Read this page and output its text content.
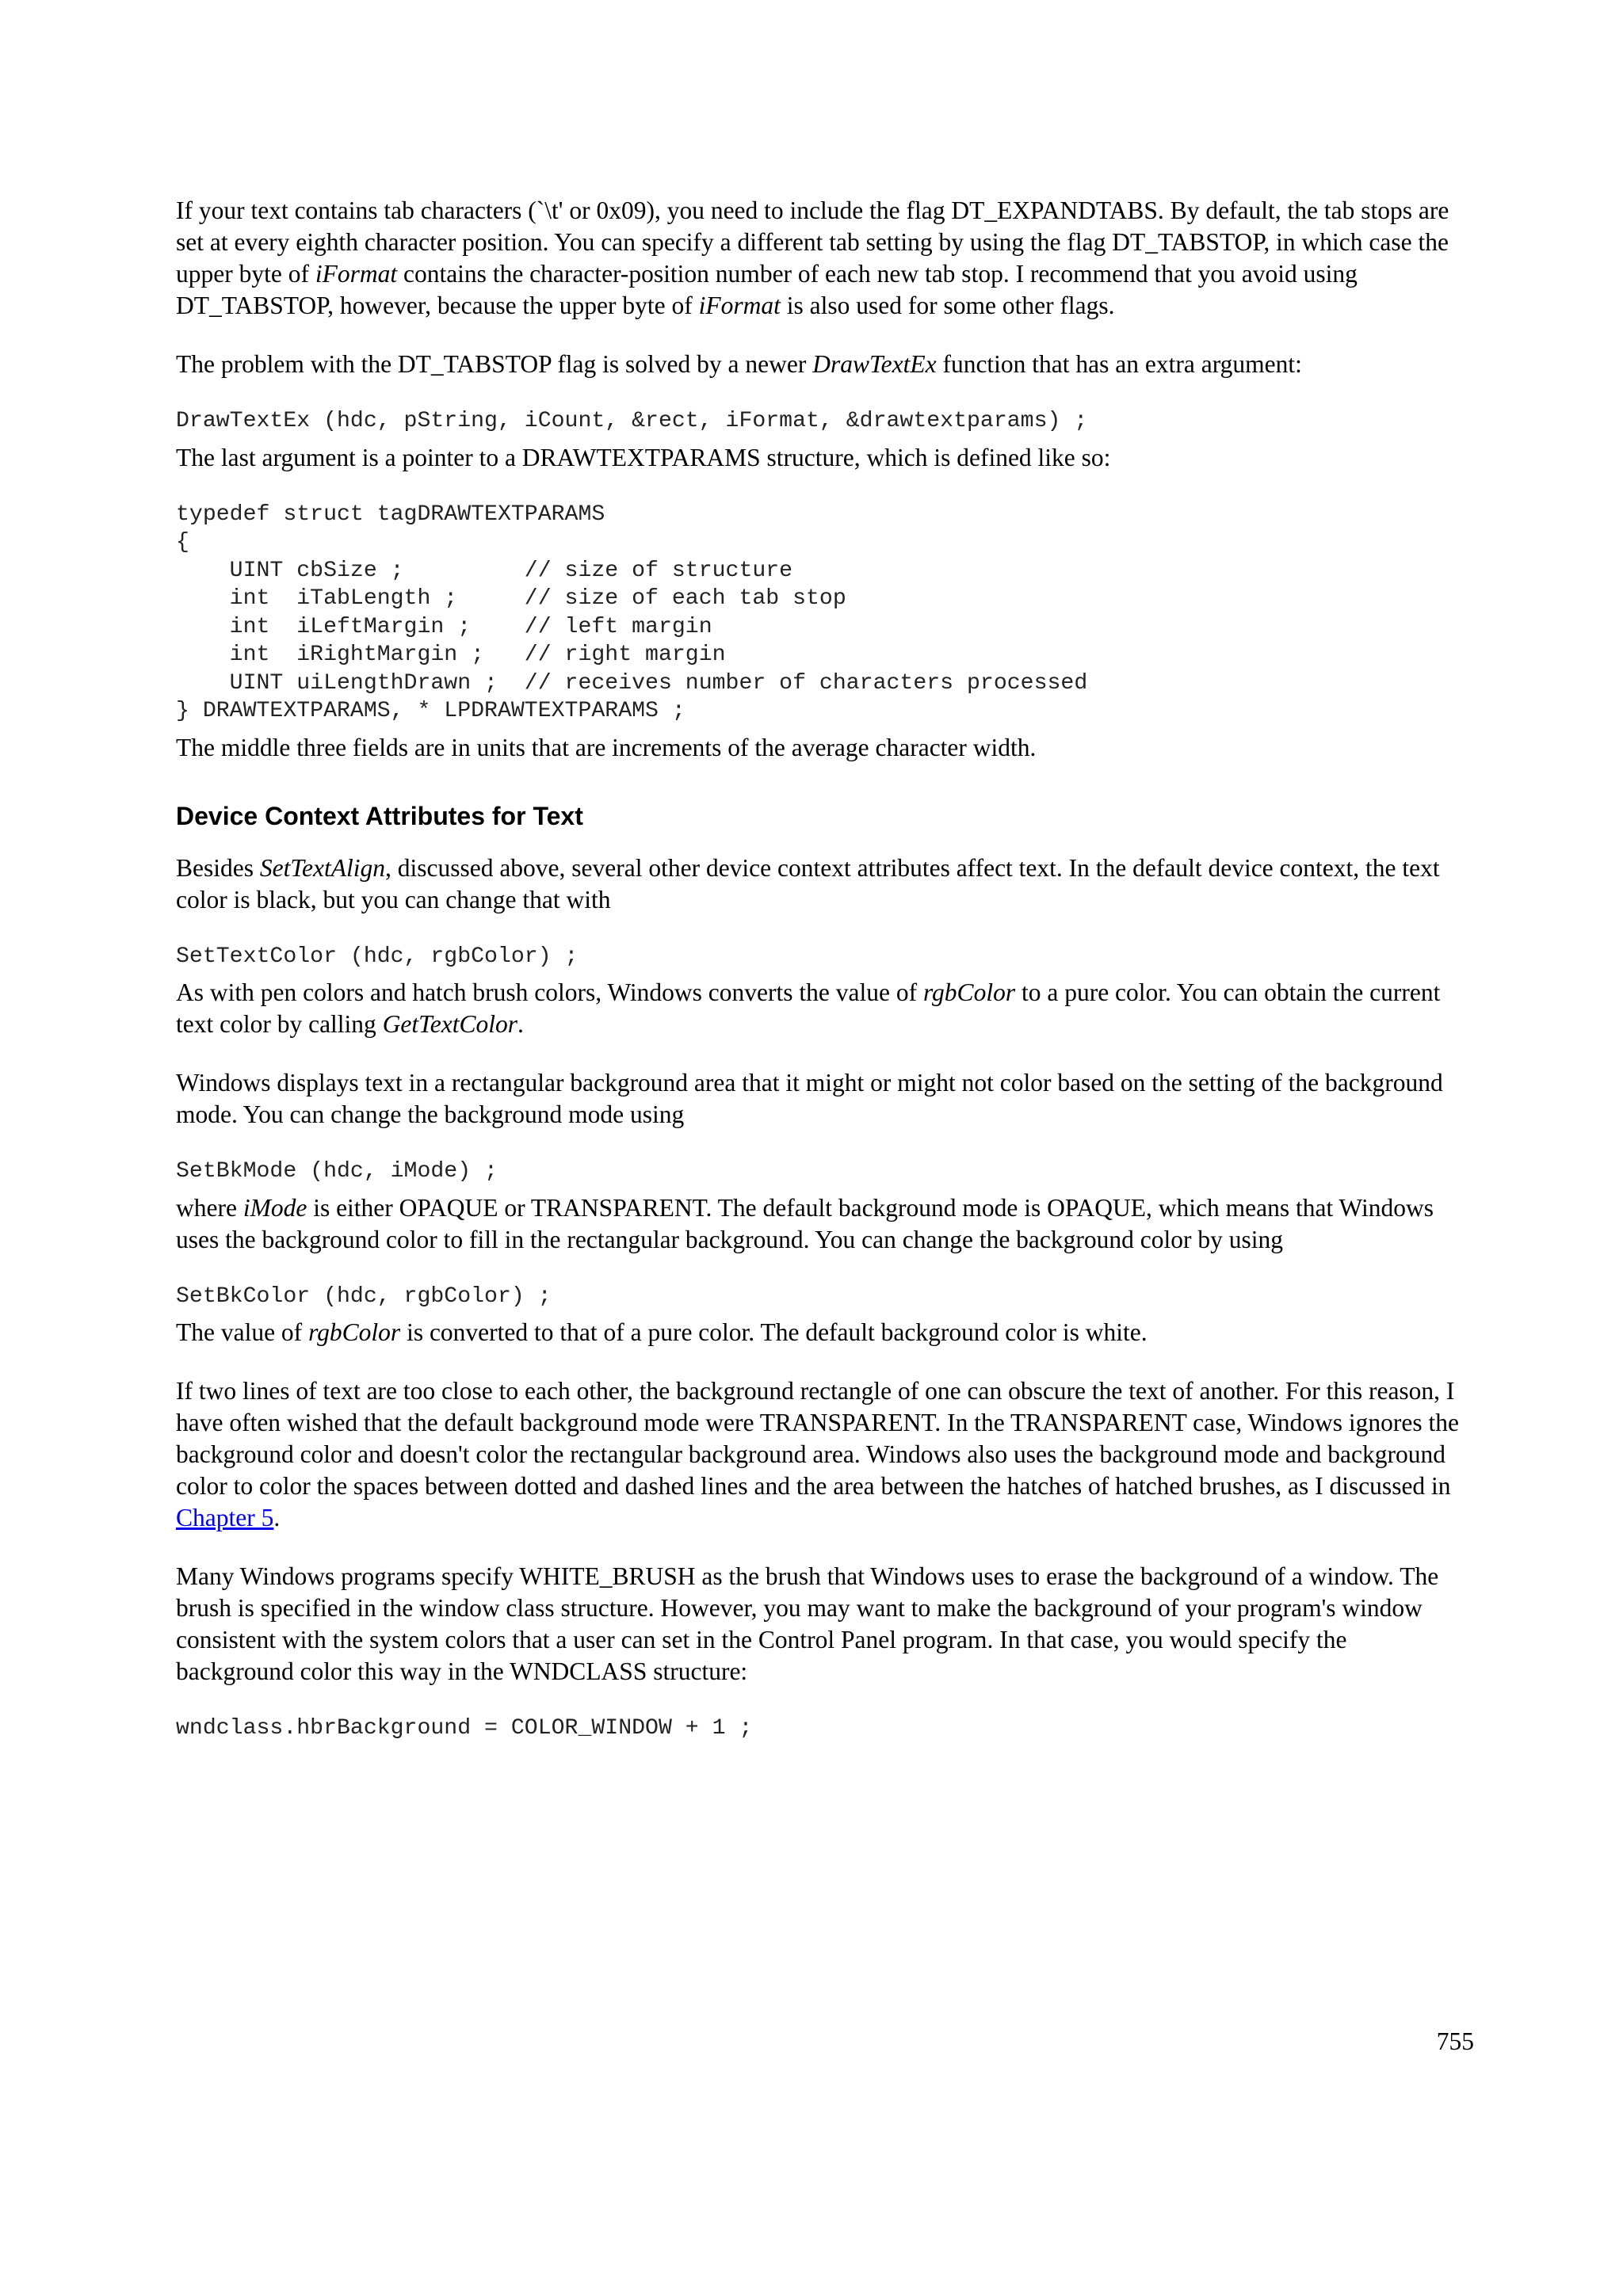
If your text contains tab characters (`\t' or 0x09), you need to include the flag DT_EXPANDTABS. By default, the tab stops are set at every eighth character position. You can specify a different tab setting by using the flag DT_TABSTOP, in which case the upper byte of iFormat contains the character-position number of each new tab stop. I recommend that you avoid using DT_TABSTOP, however, because the upper byte of iFormat is also used for some other flags.

The problem with the DT_TABSTOP flag is solved by a newer DrawTextEx function that has an extra argument:

DrawTextEx (hdc, pString, iCount, &rect, iFormat, &drawtextparams) ;

The last argument is a pointer to a DRAWTEXTPARAMS structure, which is defined like so:

typedef struct tagDRAWTEXTPARAMS
{
UINT cbSize ;         // size of structure
int  iTabLength ;     // size of each tab stop
int  iLeftMargin ;    // left margin
int  iRightMargin ;   // right margin
UINT uiLengthDrawn ;  // receives number of characters processed
} DRAWTEXTPARAMS, * LPDRAWTEXTPARAMS ;

The middle three fields are in units that are increments of the average character width.

Device Context Attributes for Text

Besides SetTextAlign, discussed above, several other device context attributes affect text. In the default device context, the text color is black, but you can change that with

SetTextColor (hdc, rgbColor) ;

As with pen colors and hatch brush colors, Windows converts the value of rgbColor to a pure color. You can obtain the current text color by calling GetTextColor.

Windows displays text in a rectangular background area that it might or might not color based on the setting of the background mode. You can change the background mode using

SetBkMode (hdc, iMode) ;

where iMode is either OPAQUE or TRANSPARENT. The default background mode is OPAQUE, which means that Windows uses the background color to fill in the rectangular background. You can change the background color by using

SetBkColor (hdc, rgbColor) ;

The value of rgbColor is converted to that of a pure color. The default background color is white.

If two lines of text are too close to each other, the background rectangle of one can obscure the text of another. For this reason, I have often wished that the default background mode were TRANSPARENT. In the TRANSPARENT case, Windows ignores the background color and doesn't color the rectangular background area. Windows also uses the background mode and background color to color the spaces between dotted and dashed lines and the area between the hatches of hatched brushes, as I discussed in Chapter 5.

Many Windows programs specify WHITE_BRUSH as the brush that Windows uses to erase the background of a window. The brush is specified in the window class structure. However, you may want to make the background of your program's window consistent with the system colors that a user can set in the Control Panel program. In that case, you would specify the background color this way in the WNDCLASS structure:

wndclass.hbrBackground = COLOR_WINDOW + 1 ;
755
